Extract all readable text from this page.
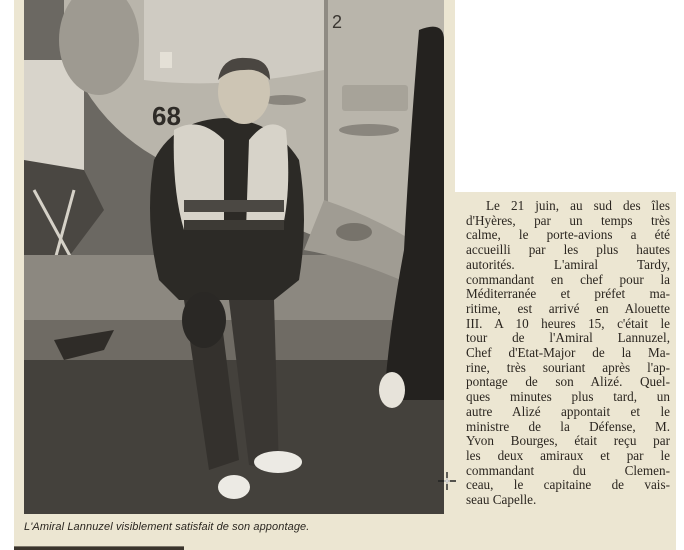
68
2
L'Amiral Lannuzel visiblement satisfait de son appontage.
Le 21 juin, au sud des îles
d'Hyères, par un temps très
calme, le porte-avions a été
accueilli par les plus hautes
autorités. L'amiral Tardy,
commandant en chef pour la
Méditerranée et préfet ma-
ritime, est arrivé en Alouette
III. A 10 heures 15, c'était le
tour de l'Amiral Lannuzel,
Chef d'Etat-Major de la Ma-
rine, très souriant après l'ap-
pontage de son Alizé. Quel-
ques minutes plus tard, un
autre Alizé appontait et le
ministre de la Défense, M.
Yvon Bourges, était reçu par
les deux amiraux et par le
commandant du Clemen-
ceau, le capitaine de vais-
seau Capelle.
